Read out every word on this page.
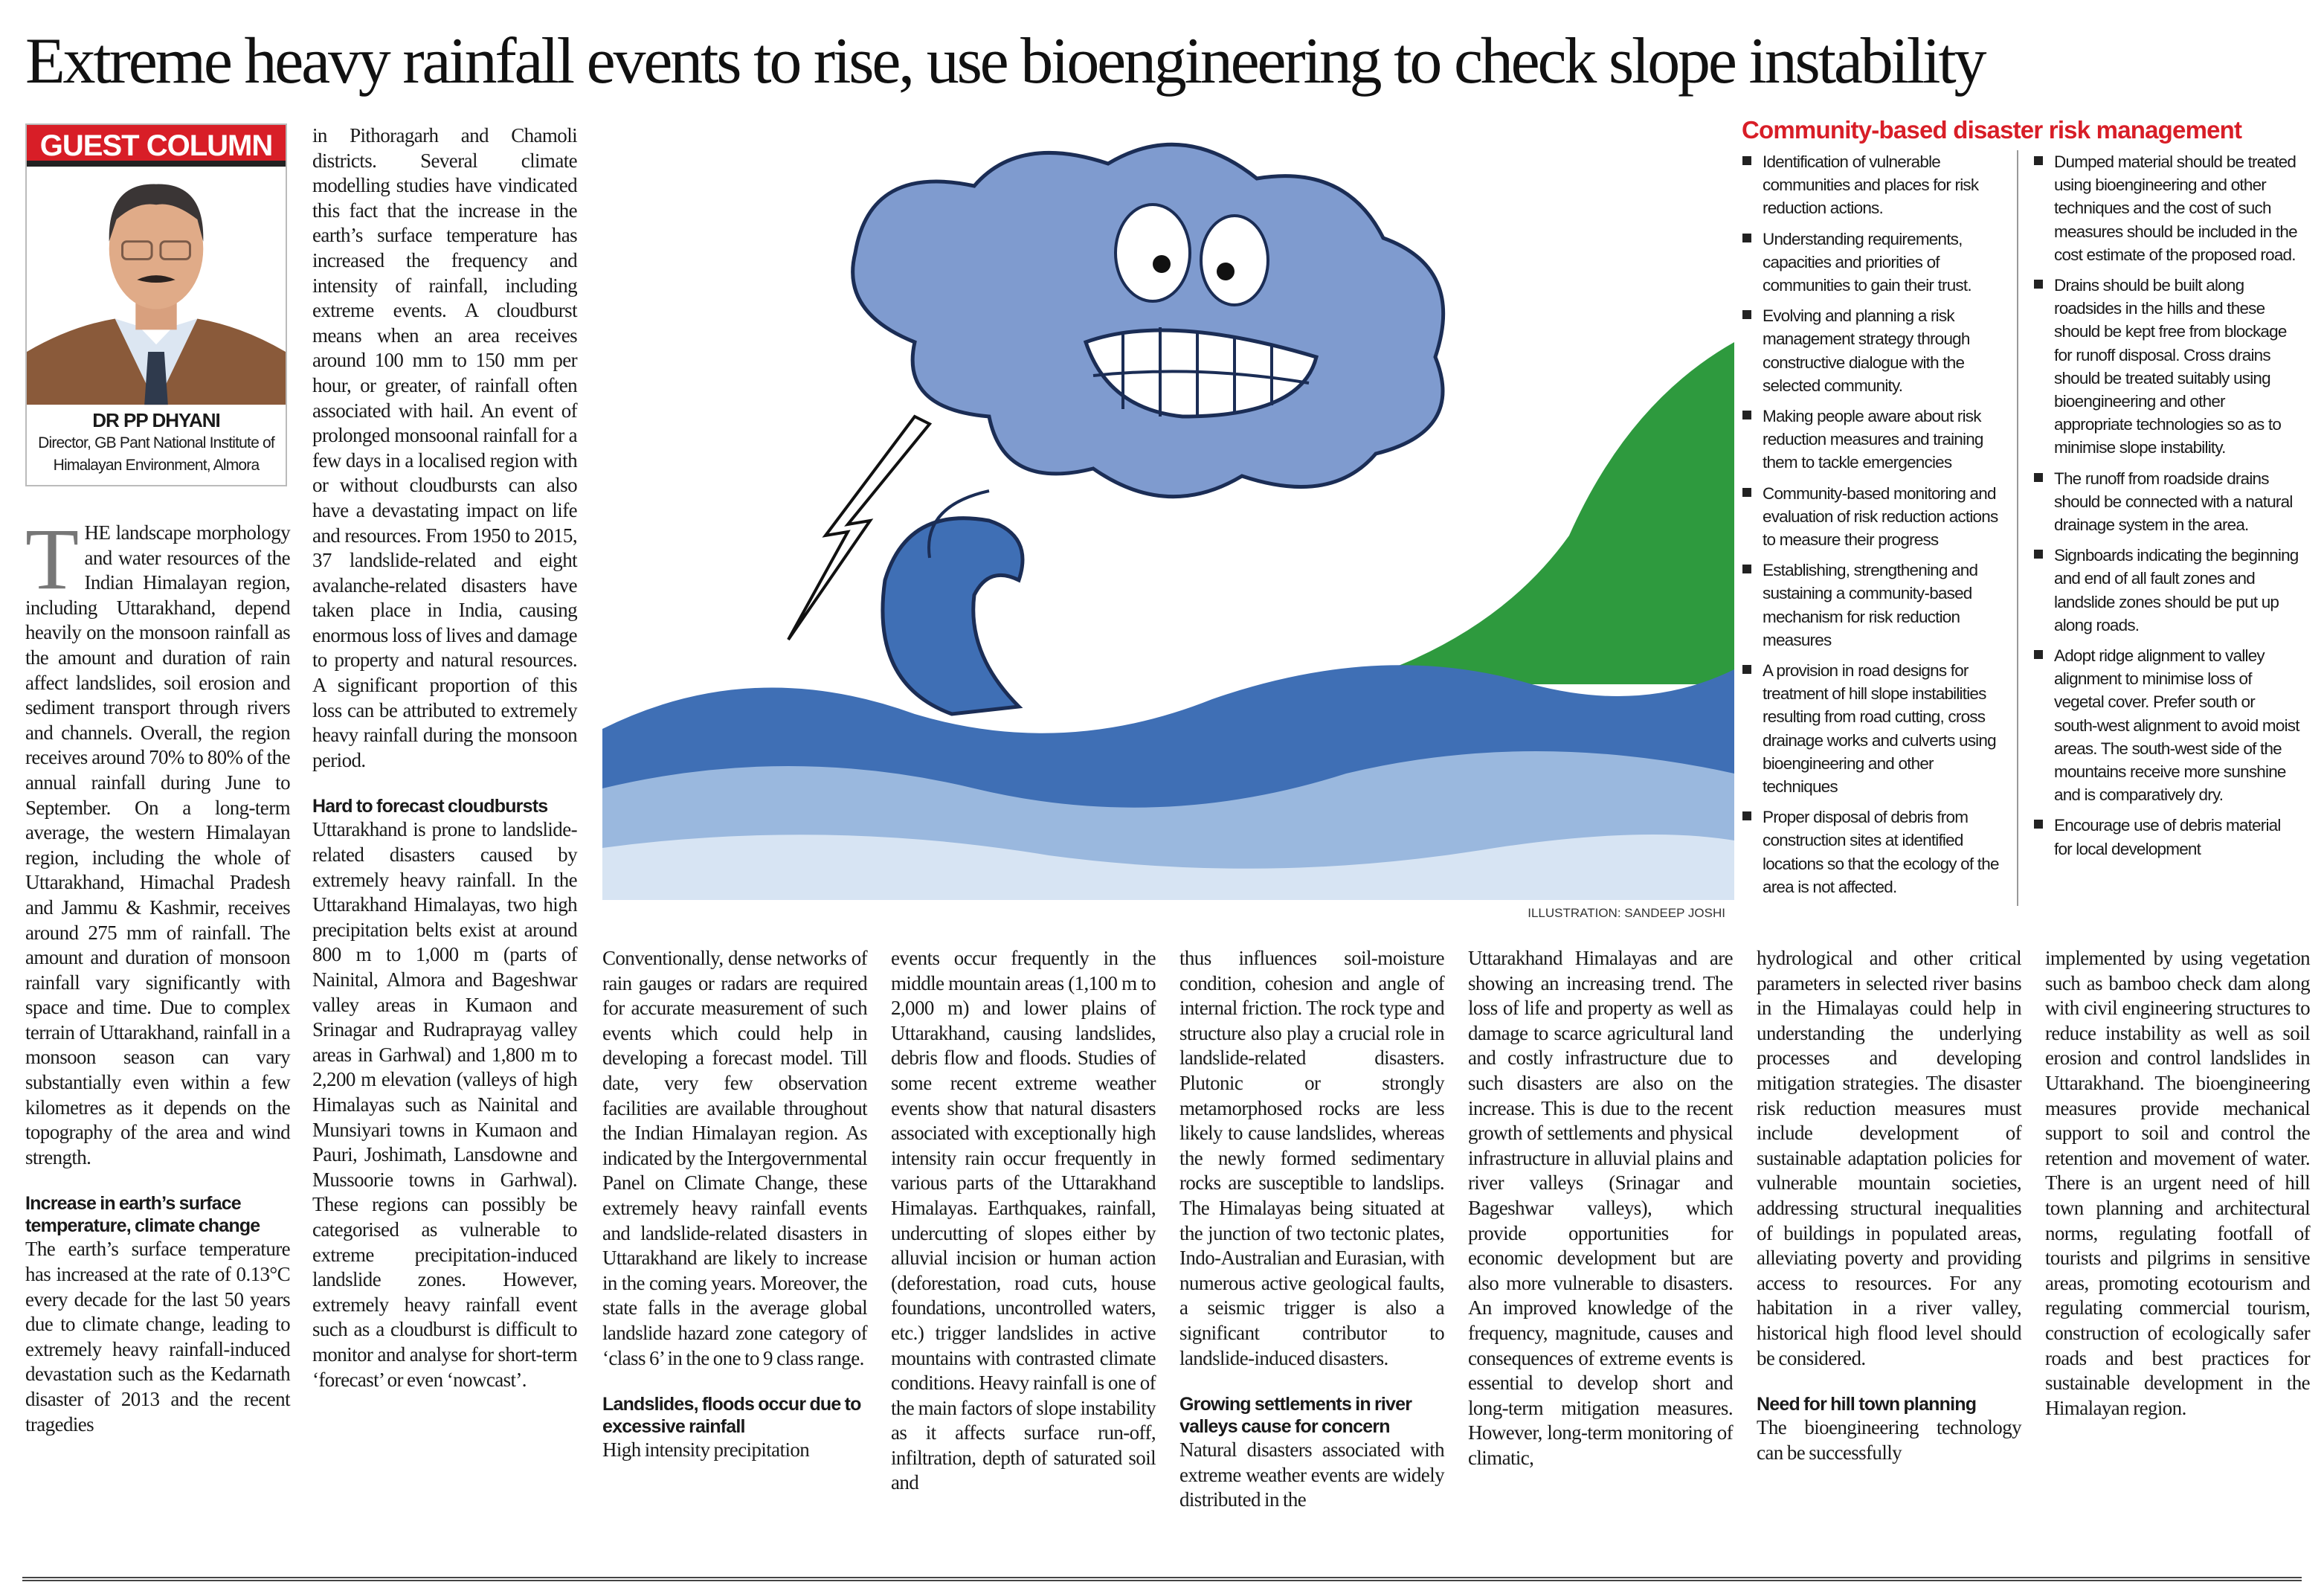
Extreme heavy rainfall events to rise, use bioengineering to check slope instability
GUEST COLUMN
DR PP DHYANI
Director, GB Pant National Institute of Himalayan Environment, Almora

THE landscape morphology and water resources of the Indian Himalayan region, including Uttarakhand, depend heavily on the monsoon rainfall as the amount and duration of rain affect landslides, soil erosion and sediment transport through rivers and channels. Overall, the region receives around 70% to 80% of the annual rainfall during June to September. On a long-term average, the western Himalayan region, including the whole of Uttarakhand, Himachal Pradesh and Jammu & Kashmir, receives around 275 mm of rainfall. The amount and duration of monsoon rainfall vary significantly with space and time. Due to complex terrain of Uttarakhand, rainfall in a monsoon season can vary substantially even within a few kilometres as it depends on the topography of the area and wind strength.

Increase in earth’s surface temperature, climate change

The earth’s surface temperature has increased at the rate of 0.13°C every decade for the last 50 years due to climate change, leading to extremely heavy rainfall-induced devastation such as the Kedarnath disaster of 2013 and the recent tragedies

in Pithoragarh and Chamoli districts. Several climate modelling studies have vindicated this fact that the increase in the earth’s surface temperature has increased the frequency and intensity of rainfall, including extreme events. A cloudburst means when an area receives around 100 mm to 150 mm per hour, or greater, of rainfall often associated with hail. An event of prolonged monsoonal rainfall for a few days in a localised region with or without cloudbursts can also have a devastating impact on life and resources. From 1950 to 2015, 37 landslide-related and eight avalanche-related disasters have taken place in India, causing enormous loss of lives and damage to property and natural resources. A significant proportion of this loss can be attributed to extremely heavy rainfall during the monsoon period.

Hard to forecast cloudbursts

Uttarakhand is prone to landslide-related disasters caused by extremely heavy rainfall. In the Uttarakhand Himalayas, two high precipitation belts exist at around 800 m to 1,000 m (parts of Nainital, Almora and Bageshwar valley areas in Kumaon and Srinagar and Rudraprayag valley areas in Garhwal) and 1,800 m to 2,200 m elevation (valleys of high Himalayas such as Nainital and Munsiyari towns in Kumaon and Pauri, Joshimath, Lansdowne and Mussoorie towns in Garhwal). These regions can possibly be categorised as vulnerable to extreme precipitation-induced landslide zones. However, extremely heavy rainfall event such as a cloudburst is difficult to monitor and analyse for short-term ‘forecast’ or even ‘nowcast’.

ILLUSTRATION: SANDEEP JOSHI
Community-based disaster risk management
Identification of vulnerable communities and places for risk reduction actions.
Understanding requirements, capacities and priorities of communities to gain their trust.
Evolving and planning a risk management strategy through constructive dialogue with the selected community.
Making people aware about risk reduction measures and training them to tackle emergencies
Community-based monitoring and evaluation of risk reduction actions to measure their progress
Establishing, strengthening and sustaining a community-based mechanism for risk reduction measures
A provision in road designs for treatment of hill slope instabilities resulting from road cutting, cross drainage works and culverts using bioengineering and other techniques
Proper disposal of debris from construction sites at identified locations so that the ecology of the area is not affected.
Dumped material should be treated using bioengineering and other techniques and the cost of such measures should be included in the cost estimate of the proposed road.
Drains should be built along roadsides in the hills and these should be kept free from blockage for runoff disposal. Cross drains should be treated suitably using bioengineering and other appropriate technologies so as to minimise slope instability.
The runoff from roadside drains should be connected with a natural drainage system in the area.
Signboards indicating the beginning and end of all fault zones and landslide zones should be put up along roads.
Adopt ridge alignment to valley alignment to minimise loss of vegetal cover. Prefer south or south-west alignment to avoid moist areas. The south-west side of the mountains receive more sunshine and is comparatively dry.
Encourage use of debris material for local development

Conventionally, dense networks of rain gauges or radars are required for accurate measurement of such events which could help in developing a forecast model. Till date, very few observation facilities are available throughout the Indian Himalayan region. As indicated by the Intergovernmental Panel on Climate Change, these extremely heavy rainfall events and landslide-related disasters in Uttarakhand are likely to increase in the coming years. Moreover, the state falls in the average global landslide hazard zone category of ‘class 6’ in the one to 9 class range.

Landslides, floods occur due to excessive rainfall

High intensity precipitation

events occur frequently in the middle mountain areas (1,100 m to 2,000 m) and lower plains of Uttarakhand, causing landslides, debris flow and floods. Studies of some recent extreme weather events show that natural disasters associated with exceptionally high intensity rain occur frequently in various parts of the Uttarakhand Himalayas. Earthquakes, rainfall, undercutting of slopes either by alluvial incision or human action (deforestation, road cuts, house foundations, uncontrolled waters, etc.) trigger landslides in active mountains with contrasted climate conditions. Heavy rainfall is one of the main factors of slope instability as it affects surface run-off, infiltration, depth of saturated soil and

thus influences soil-moisture condition, cohesion and angle of internal friction. The rock type and structure also play a crucial role in landslide-related disasters. Plutonic or strongly metamorphosed rocks are less likely to cause landslides, whereas the newly formed sedimentary rocks are susceptible to landslips. The Himalayas being situated at the junction of two tectonic plates, Indo-Australian and Eurasian, with numerous active geological faults, a seismic trigger is also a significant contributor to landslide-induced disasters.

Growing settlements in river valleys cause for concern

Natural disasters associated with extreme weather events are widely distributed in the

Uttarakhand Himalayas and are showing an increasing trend. The loss of life and property as well as damage to scarce agricultural land and costly infrastructure due to such disasters are also on the increase. This is due to the recent growth of settlements and physical infrastructure in alluvial plains and river valleys (Srinagar and Bageshwar valleys), which provide opportunities for economic development but are also more vulnerable to disasters. An improved knowledge of the frequency, magnitude, causes and consequences of extreme events is essential to develop short and long-term mitigation measures. However, long-term monitoring of climatic,

hydrological and other critical parameters in selected river basins in the Himalayas could help in understanding the underlying processes and developing mitigation strategies. The disaster risk reduction measures must include development of sustainable adaptation policies for vulnerable mountain societies, addressing structural inequalities of buildings in populated areas, alleviating poverty and providing access to resources. For any habitation in a river valley, historical high flood level should be considered.

Need for hill town planning

The bioengineering technology can be successfully

implemented by using vegetation such as bamboo check dam along with civil engineering structures to reduce instability as well as soil erosion and control landslides in Uttarakhand. The bioengineering measures provide mechanical support to soil and control the retention and movement of water. There is an urgent need of hill town planning and architectural norms, regulating footfall of tourists and pilgrims in sensitive areas, promoting ecotourism and regulating commercial tourism, construction of ecologically safer roads and best practices for sustainable development in the Himalayan region.
